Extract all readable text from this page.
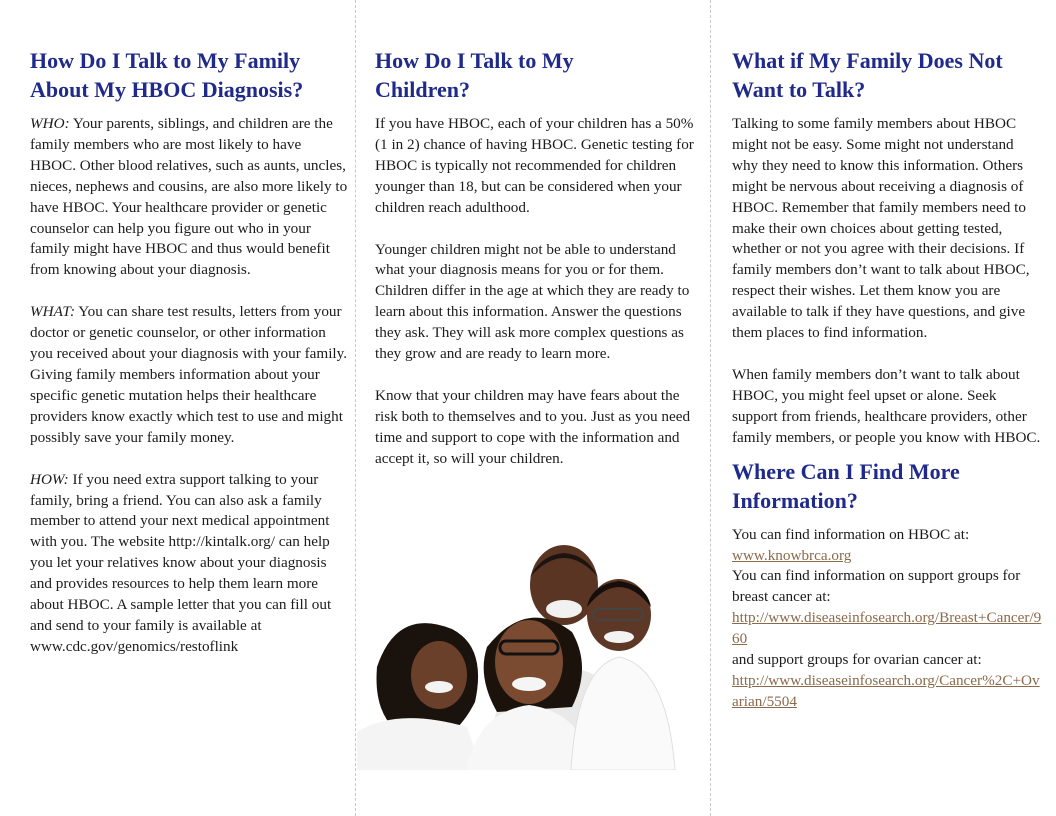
How Do I Talk to My Family About My HBOC Diagnosis?

WHO: Your parents, siblings, and children are the family members who are most likely to have HBOC. Other blood relatives, such as aunts, uncles, nieces, nephews and cousins, are also more likely to have HBOC. Your healthcare provider or genetic counselor can help you figure out who in your family might have HBOC and thus would benefit from knowing about your diagnosis.

WHAT: You can share test results, letters from your doctor or genetic counselor, or other information you received about your diagnosis with your family. Giving family members information about your specific genetic mutation helps their healthcare providers know exactly which test to use and might possibly save your family money.

HOW: If you need extra support talking to your family, bring a friend. You can also ask a family member to attend your next medical appointment with you. The website http://kintalk.org/ can help you let your relatives know about your diagnosis and provides resources to help them learn more about HBOC. A sample letter that you can fill out and send to your family is available at www.cdc.gov/genomics/restoflink

How Do I Talk to My Children?

If you have HBOC, each of your children has a 50% (1 in 2) chance of having HBOC. Genetic testing for HBOC is typically not recommended for children younger than 18, but can be considered when your children reach adulthood.

Younger children might not be able to understand what your diagnosis means for you or for them. Children differ in the age at which they are ready to learn about this information. Answer the questions they ask. They will ask more complex questions as they grow and are ready to learn more.

Know that your children may have fears about the risk both to themselves and to you. Just as you need time and support to cope with the information and accept it, so will your children.

What if My Family Does Not Want to Talk?

Talking to some family members about HBOC might not be easy. Some might not understand why they need to know this information. Others might be nervous about receiving a diagnosis of HBOC. Remember that family members need to make their own choices about getting tested, whether or not you agree with their decisions. If family members don’t want to talk about HBOC, respect their wishes. Let them know you are available to talk if they have questions, and give them places to find information.

When family members don’t want to talk about HBOC, you might feel upset or alone. Seek support from friends, healthcare providers, other family members, or people you know with HBOC.

Where Can I Find More Information?

You can find information on HBOC at:

www.knowbrca.org

You can find information on support groups for breast cancer at:

http://www.diseaseinfosearch.org/Breast+Cancer/960

and support groups for ovarian cancer at:

http://www.diseaseinfosearch.org/Cancer%2C+Ovarian/5504
